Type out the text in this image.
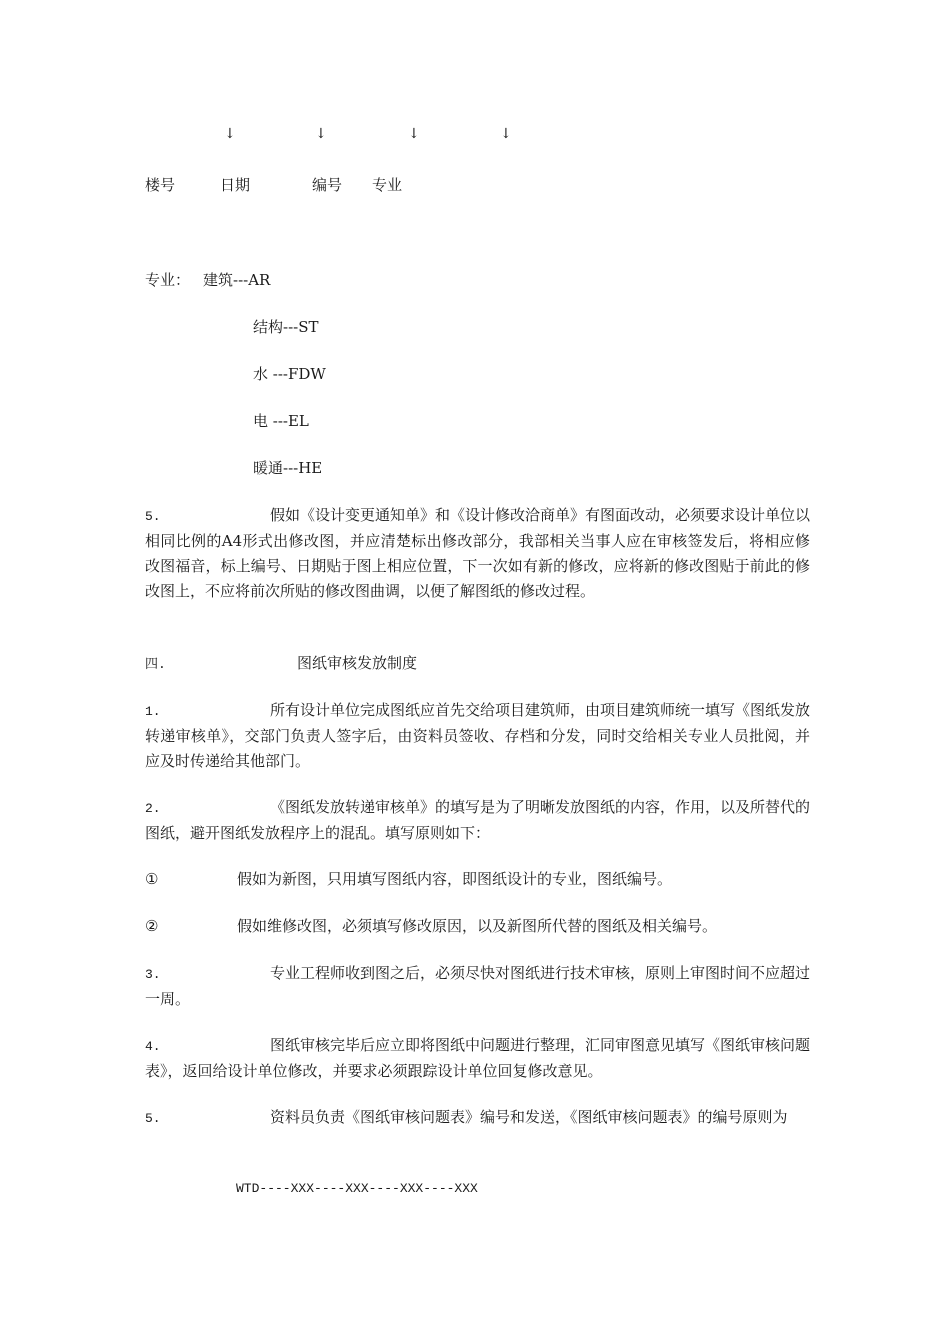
↓	↓	↓	↓
楼号	日期	编号 专业
专业： 建筑---AR
结构---ST
水 ---FDW
电 ---EL
暖通---HE
5.	假如《设计变更通知单》和《设计修改洽商单》有图面改动，必须要求设计单位以相同比例的A4形式出修改图，并应清楚标出修改部分，我部相关当事人应在审核签发后，将相应修改图福音，标上编号、日期贴于图上相应位置，下一次如有新的修改，应将新的修改图贴于前此的修改图上，不应将前次所贴的修改图曲调，以便了解图纸的修改过程。
四.	图纸审核发放制度
1.	所有设计单位完成图纸应首先交给项目建筑师，由项目建筑师统一填写《图纸发放转递审核单》，交部门负责人签字后，由资料员签收、存档和分发，同时交给相关专业人员批阅，并应及时传递给其他部门。
2.	《图纸发放转递审核单》的填写是为了明晰发放图纸的内容，作用，以及所替代的图纸，避开图纸发放程序上的混乱。填写原则如下：
①	假如为新图，只用填写图纸内容，即图纸设计的专业，图纸编号。
②	假如维修改图，必须填写修改原因，以及新图所代替的图纸及相关编号。
3.	专业工程师收到图之后，必须尽快对图纸进行技术审核，原则上审图时间不应超过一周。
4.	图纸审核完毕后应立即将图纸中问题进行整理，汇同审图意见填写《图纸审核问题表》，返回给设计单位修改，并要求必须跟踪设计单位回复修改意见。
5.	资料员负责《图纸审核问题表》编号和发送，《图纸审核问题表》的编号原则为
WTD----XXX----XXX----XXX----XXX
